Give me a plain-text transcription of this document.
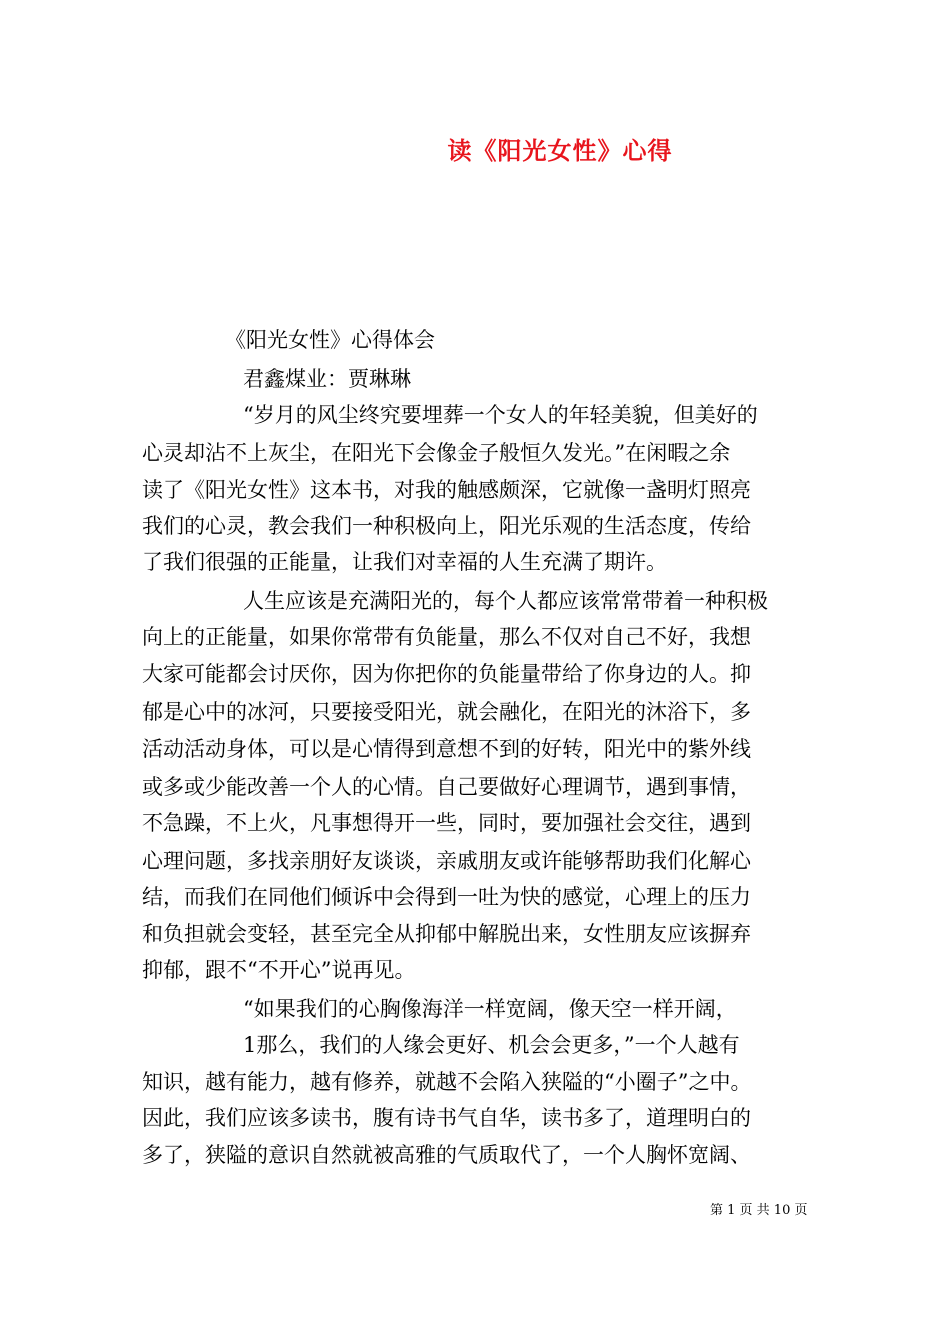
读《阳光女性》心得
《阳光女性》心得体会
君鑫煤业：贾琳琳
“岁月的风尘终究要埋葬一个女人的年轻美貌，但美好的
心灵却沾不上灰尘，在阳光下会像金子般恒久发光。”在闲暇之余
读了《阳光女性》这本书，对我的触感颇深，它就像一盏明灯照亮
我们的心灵，教会我们一种积极向上，阳光乐观的生活态度，传给
了我们很强的正能量，让我们对幸福的人生充满了期许。
人生应该是充满阳光的，每个人都应该常常带着一种积极
向上的正能量，如果你常带有负能量，那么不仅对自己不好，我想
大家可能都会讨厌你，因为你把你的负能量带给了你身边的人。抑
郁是心中的冰河，只要接受阳光，就会融化，在阳光的沐浴下，多
活动活动身体，可以是心情得到意想不到的好转，阳光中的紫外线
或多或少能改善一个人的心情。自己要做好心理调节，遇到事情，
不急躁，不上火，凡事想得开一些，同时，要加强社会交往，遇到
心理问题，多找亲朋好友谈谈，亲戚朋友或许能够帮助我们化解心
结，而我们在同他们倾诉中会得到一吐为快的感觉，心理上的压力
和负担就会变轻，甚至完全从抑郁中解脱出来，女性朋友应该摒弃
抑郁，跟不“不开心”说再见。
“如果我们的心胸像海洋一样宽阔，像天空一样开阔，
1那么，我们的人缘会更好、机会会更多，”一个人越有
知识，越有能力，越有修养，就越不会陷入狭隘的“小圈子”之中。
因此，我们应该多读书，腹有诗书气自华，读书多了，道理明白的
多了，狭隘的意识自然就被高雅的气质取代了，一个人胸怀宽阔、
第 1 页 共 10 页
